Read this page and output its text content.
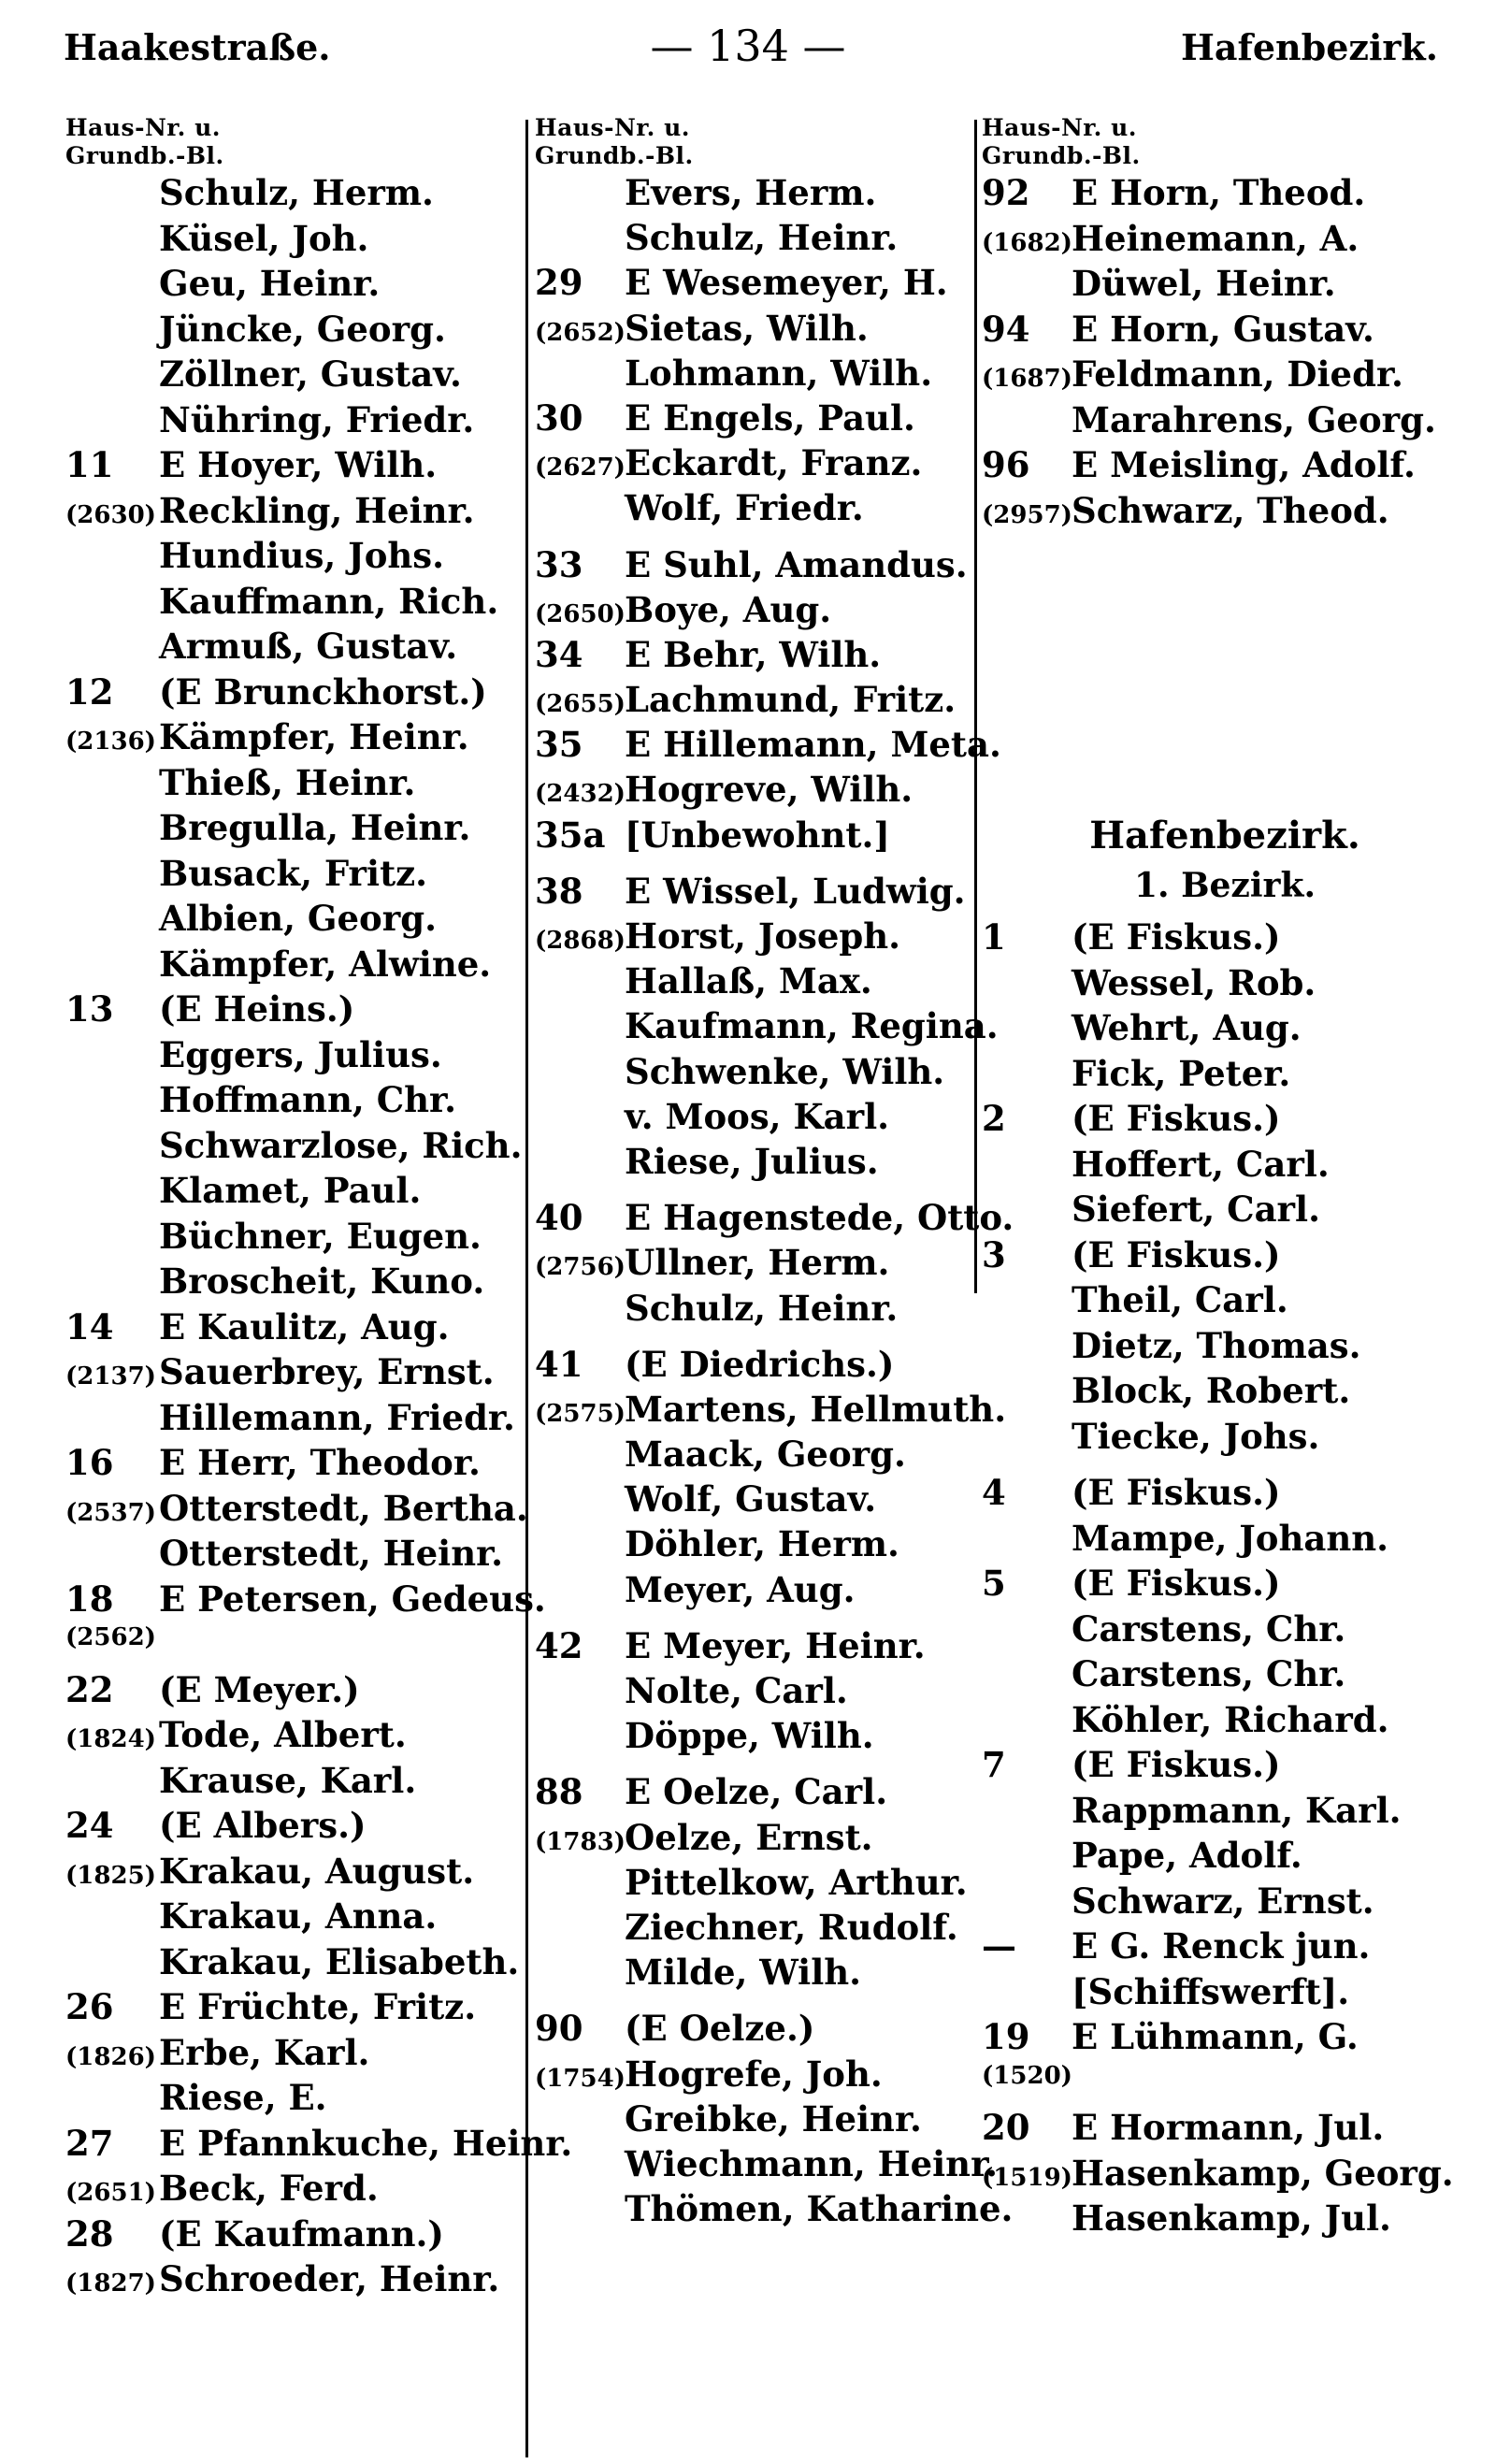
Haakestraße.	— 134 —	Hafenbezirk.
Haus-Nr. u.
Grundb.-Bl.
Schulz, Herm.
Küsel, Joh.
Geu, Heinr.
Jüncke, Georg.
Zöllner, Gustav.
Nühring, Friedr.
11	E Hoyer, Wilh.
(2630) Reckling, Heinr.
Hundius, Johs.
Kauffmann, Rich.
Armuß, Gustav.
12	(E Brunckhorst.)
(2136) Kämpfer, Heinr.
Thieß, Heinr.
Bregulla, Heinr.
Busack, Fritz.
Albien, Georg.
Kämpfer, Alwine.
13	(E Heins.)
Eggers, Julius.
Hoffmann, Chr.
Schwarzlose, Rich.
Klamet, Paul.
Büchner, Eugen.
Broscheit, Kuno.
14	E Kaulitz, Aug.
(2137) Sauerbrey, Ernst.
Hillemann, Friedr.
16	E Herr, Theodor.
(2537) Otterstedt, Bertha.
Otterstedt, Heinr.
18	E Petersen, Gedeus.
(2562)
22	(E Meyer.)
(1824) Tode, Albert.
Krause, Karl.
24	(E Albers.)
(1825) Krakau, August.
Krakau, Anna.
Krakau, Elisabeth.
26	E Früchte, Fritz.
(1826) Erbe, Karl.
Riese, E.
27	E Pfannkuche, Heinr.
(2651) Beck, Ferd.
28	(E Kaufmann.)
(1827) Schroeder, Heinr.
Haus-Nr. u.
Grundb.-Bl.
Evers, Herm.
Schulz, Heinr.
29	E Wesemeyer, H.
(2652) Sietas, Wilh.
Lohmann, Wilh.
30	E Engels, Paul.
(2627) Eckardt, Franz.
Wolf, Friedr.
33	E Suhl, Amandus.
(2650) Boye, Aug.
34	E Behr, Wilh.
(2655) Lachmund, Fritz.
35	E Hillemann, Meta.
(2432) Hogreve, Wilh.
35a [Unbewohnt.]
38	E Wissel, Ludwig.
(2868) Horst, Joseph.
Hallaß, Max.
Kaufmann, Regina.
Schwenke, Wilh.
v. Moos, Karl.
Riese, Julius.
40	E Hagenstede, Otto.
(2756) Ullner, Herm.
Schulz, Heinr.
41	(E Diedrichs.)
(2575) Martens, Hellmuth.
Maack, Georg.
Wolf, Gustav.
Döhler, Herm.
Meyer, Aug.
42	E Meyer, Heinr.
Nolte, Carl.
Döppe, Wilh.
88	E Oelze, Carl.
(1783) Oelze, Ernst.
Pittelkow, Arthur.
Ziechner, Rudolf.
Milde, Wilh.
90	(E Oelze.)
(1754) Hogrefe, Joh.
Greibke, Heinr.
Wiechmann, Heinr.
Thömen, Katharine.
Haus-Nr. u.
Grundb.-Bl.
92	E Horn, Theod.
(1682) Heinemann, A.
Düwel, Heinr.
94	E Horn, Gustav.
(1687) Feldmann, Diedr.
Marahrens, Georg.
96	E Meisling, Adolf.
(2957) Schwarz, Theod.
Hafenbezirk.
1. Bezirk.
1	(E Fiskus.)
Wessel, Rob.
Wehrt, Aug.
Fick, Peter.
2	(E Fiskus.)
Hoffert, Carl.
Siefert, Carl.
3	(E Fiskus.)
Theil, Carl.
Dietz, Thomas.
Block, Robert.
Tiecke, Johs.
4	(E Fiskus.)
Mampe, Johann.
5	(E Fiskus.)
Carstens, Chr.
Carstens, Chr.
Köhler, Richard.
7	(E Fiskus.)
Rappmann, Karl.
Pape, Adolf.
Schwarz, Ernst.
—	E G. Renck jun.
[Schiffswerft].
19	E Lühmann, G.
(1520)
20	E Hormann, Jul.
(1519) Hasenkamp, Georg.
Hasenkamp, Jul.
